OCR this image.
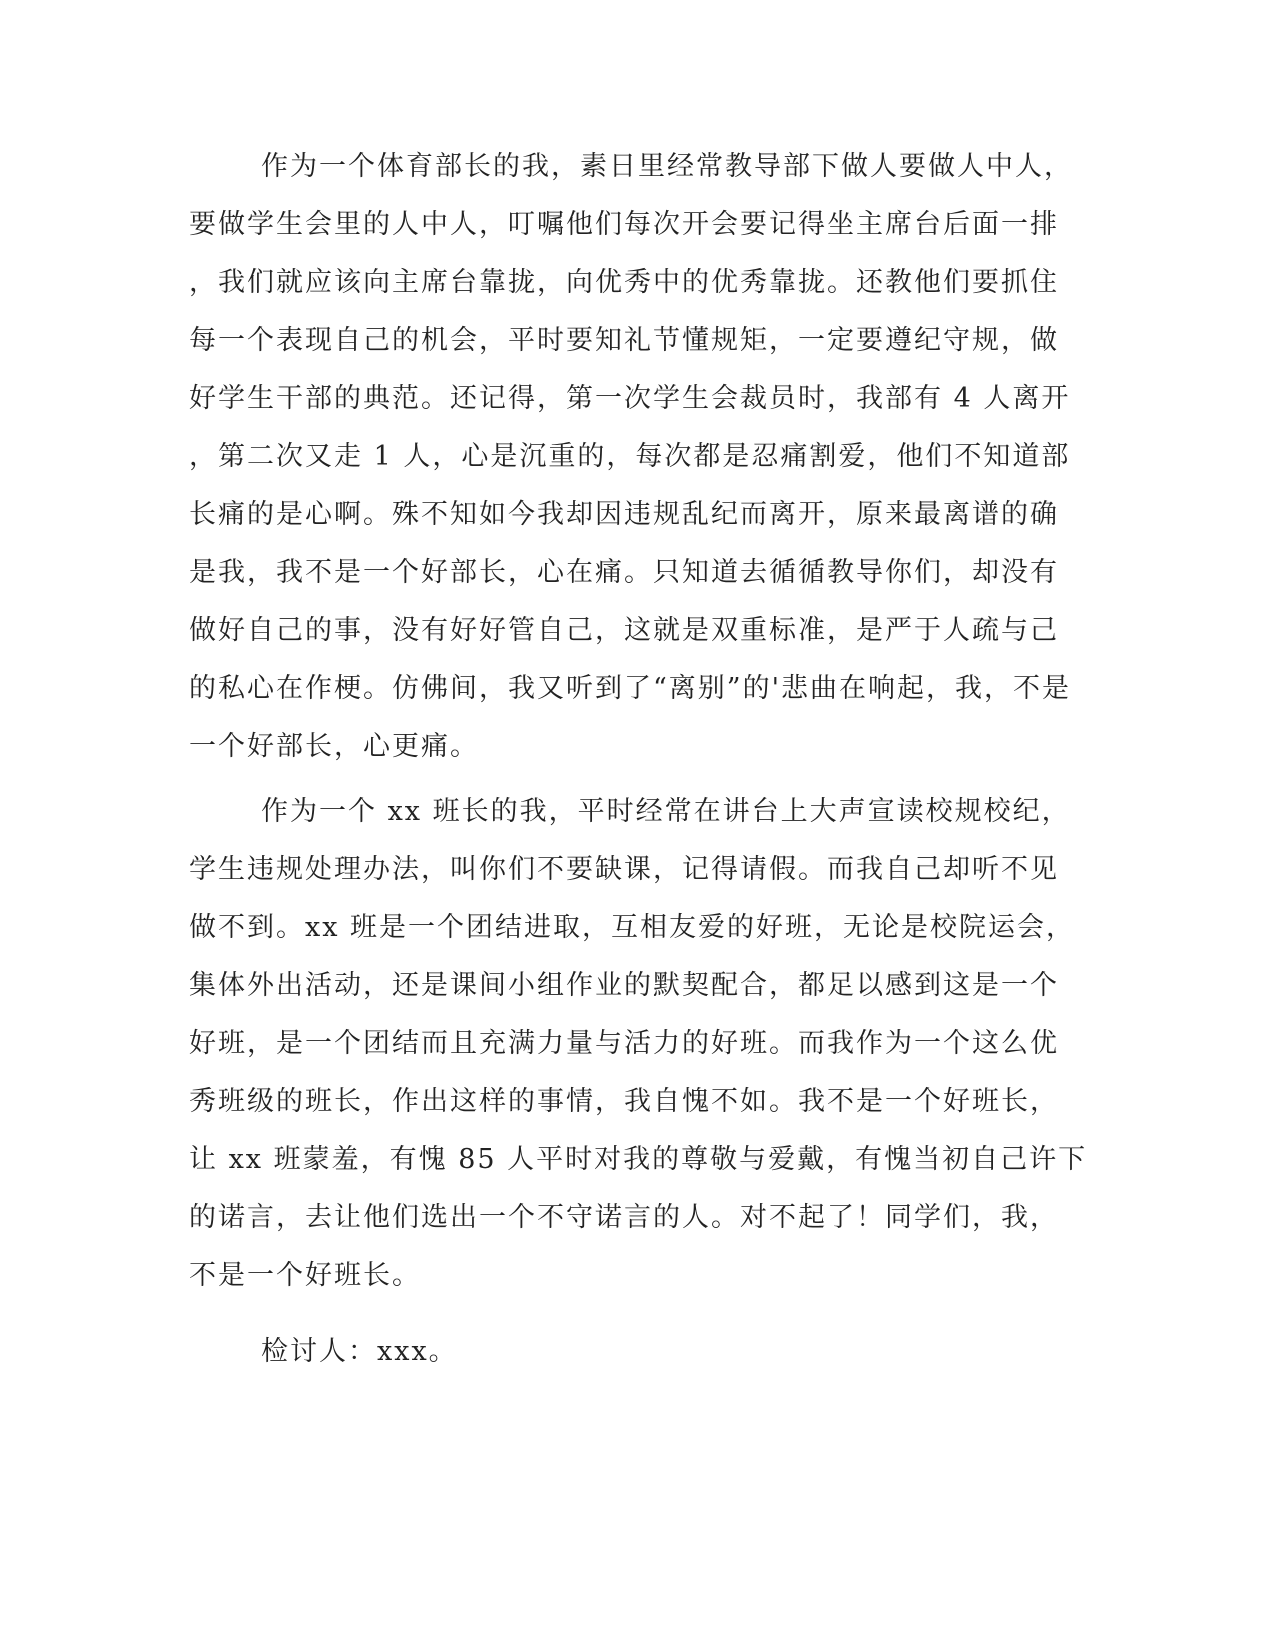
作为一个体育部长的我，素日里经常教导部下做人要做人中人，
要做学生会里的人中人，叮嘱他们每次开会要记得坐主席台后面一排
，我们就应该向主席台靠拢，向优秀中的优秀靠拢。还教他们要抓住
每一个表现自己的机会，平时要知礼节懂规矩，一定要遵纪守规，做
好学生干部的典范。还记得，第一次学生会裁员时，我部有 4 人离开
，第二次又走 1 人，心是沉重的，每次都是忍痛割爱，他们不知道部
长痛的是心啊。殊不知如今我却因违规乱纪而离开，原来最离谱的确
是我，我不是一个好部长，心在痛。只知道去循循教导你们，却没有
做好自己的事，没有好好管自己，这就是双重标准，是严于人疏与己
的私心在作梗。仿佛间，我又听到了“离别”的'悲曲在响起，我，不是
一个好部长，心更痛。
作为一个 xx 班长的我，平时经常在讲台上大声宣读校规校纪，
学生违规处理办法，叫你们不要缺课，记得请假。而我自己却听不见
做不到。xx 班是一个团结进取，互相友爱的好班，无论是校院运会，
集体外出活动，还是课间小组作业的默契配合，都足以感到这是一个
好班，是一个团结而且充满力量与活力的好班。而我作为一个这么优
秀班级的班长，作出这样的事情，我自愧不如。我不是一个好班长，
让 xx 班蒙羞，有愧 85 人平时对我的尊敬与爱戴，有愧当初自己许下
的诺言，去让他们选出一个不守诺言的人。对不起了！同学们，我，
不是一个好班长。
检讨人：xxx。
